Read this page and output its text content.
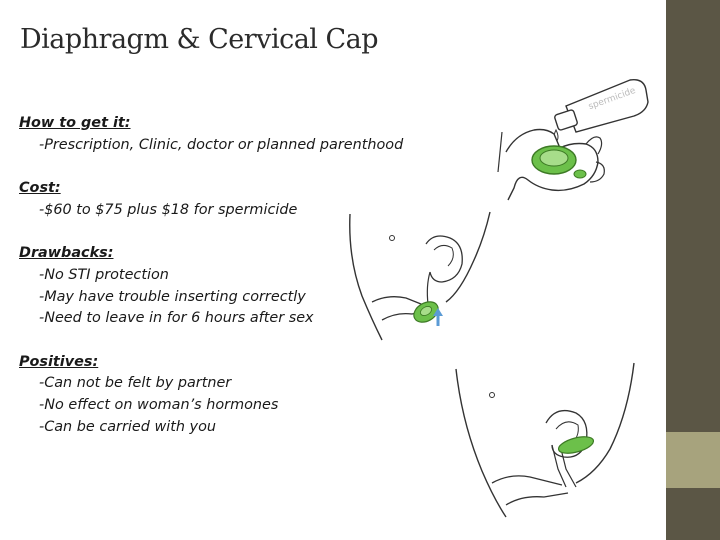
Diaphragm & Cervical Cap
How to get it:
-Prescription, Clinic, doctor or planned parenthood
Cost:
-$60 to $75 plus $18 for spermicide
Drawbacks:
-No STI protection
-May have trouble inserting correctly
-Need to leave in for 6 hours after sex
Positives:
-Can not be felt by partner
-No effect on woman’s hormones
-Can be carried with you
spermicide
